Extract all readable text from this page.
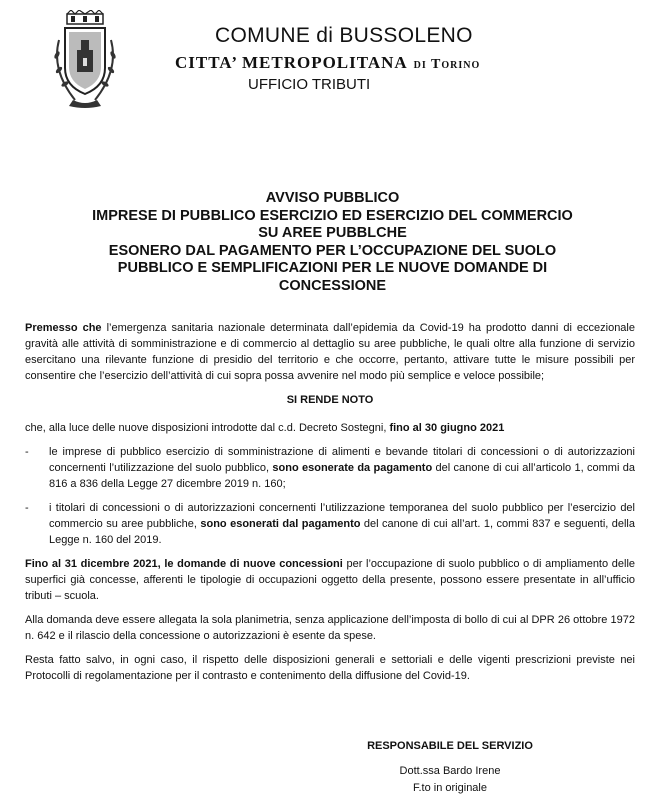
COMUNE di BUSSOLENO
CITTA’ METROPOLITANA di Torino
UFFICIO TRIBUTI
AVVISO PUBBLICO
IMPRESE DI PUBBLICO ESERCIZIO ED ESERCIZIO DEL COMMERCIO
SU AREE PUBBLCHE
ESONERO DAL PAGAMENTO PER L’OCCUPAZIONE DEL SUOLO
PUBBLICO E SEMPLIFICAZIONI PER LE NUOVE DOMANDE DI
CONCESSIONE

Premesso che l’emergenza sanitaria nazionale determinata dall’epidemia da Covid-19 ha prodotto danni di eccezionale gravità alle attività di somministrazione e di commercio al dettaglio su aree pubbliche, le quali oltre alla funzione di servizio esercitano una rilevante funzione di presidio del territorio e che occorre, pertanto, attivare tutte le misure possibili per consentire che l’esercizio dell’attività di cui sopra possa avvenire nel modo più semplice e veloce possibile;

SI RENDE NOTO

che, alla luce delle nuove disposizioni introdotte dal c.d. Decreto Sostegni, fino al 30 giugno 2021

-	le imprese di pubblico esercizio di somministrazione di alimenti e bevande titolari di concessioni o di autorizzazioni concernenti l’utilizzazione del suolo pubblico, sono esonerate da pagamento del canone di cui all’articolo 1, commi da 816 a 836 della Legge 27 dicembre 2019 n. 160;
-	i titolari di concessioni o di autorizzazioni concernenti l’utilizzazione temporanea del suolo pubblico per l’esercizio del commercio su aree pubbliche, sono esonerati dal pagamento del canone di cui all’art. 1, commi 837 e seguenti, della Legge n. 160 del 2019.

Fino al 31 dicembre 2021, le domande di nuove concessioni per l’occupazione di suolo pubblico o di ampliamento delle superfici già concesse, afferenti le tipologie di occupazioni oggetto della presente, possono essere presentate in all’ufficio tributi – scuola.

Alla domanda deve essere allegata la sola planimetria, senza applicazione dell’imposta di bollo di cui al DPR 26 ottobre 1972 n. 642 e il rilascio della concessione o autorizzazioni è esente da spese.

Resta fatto salvo, in ogni caso, il rispetto delle disposizioni generali e settoriali e delle vigenti prescrizioni previste nei Protocolli di regolamentazione per il contrasto e contenimento della diffusione del Covid-19.

RESPONSABILE DEL SERVIZIO
Dott.ssa Bardo Irene
F.to in originale
